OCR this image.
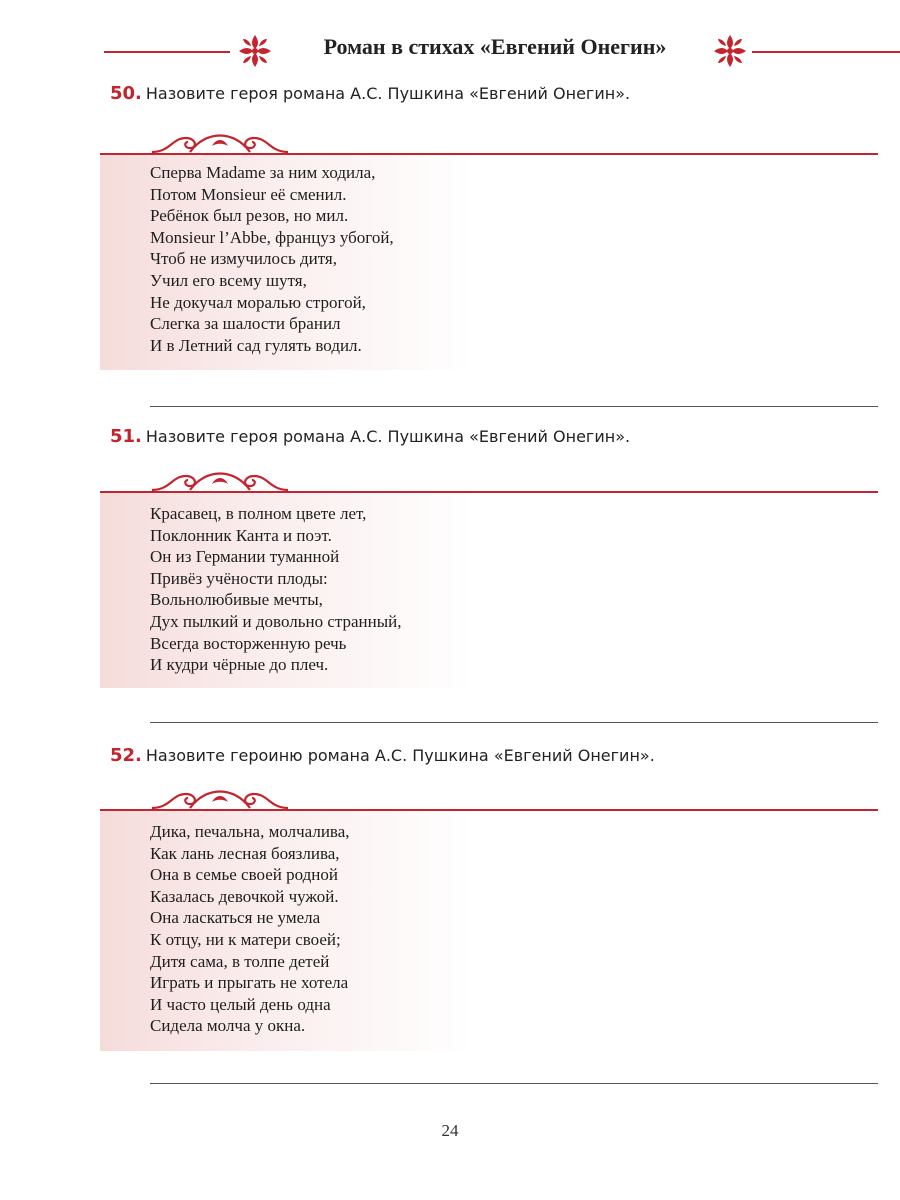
Роман в стихах «Евгений Онегин»
50. Назовите героя романа А.С. Пушкина «Евгений Онегин».
Сперва Madame за ним ходила,
Потом Monsieur её сменил.
Ребёнок был резов, но мил.
Monsieur l’Abbe, француз убогой,
Чтоб не измучилось дитя,
Учил его всему шутя,
Не докучал моралью строгой,
Слегка за шалости бранил
И в Летний сад гулять водил.
51. Назовите героя романа А.С. Пушкина «Евгений Онегин».
Красавец, в полном цвете лет,
Поклонник Канта и поэт.
Он из Германии туманной
Привёз учёности плоды:
Вольнолюбивые мечты,
Дух пылкий и довольно странный,
Всегда восторженную речь
И кудри чёрные до плеч.
52. Назовите героиню романа А.С. Пушкина «Евгений Онегин».
Дика, печальна, молчалива,
Как лань лесная боязлива,
Она в семье своей родной
Казалась девочкой чужой.
Она ласкаться не умела
К отцу, ни к матери своей;
Дитя сама, в толпе детей
Играть и прыгать не хотела
И часто целый день одна
Сидела молча у окна.
24
